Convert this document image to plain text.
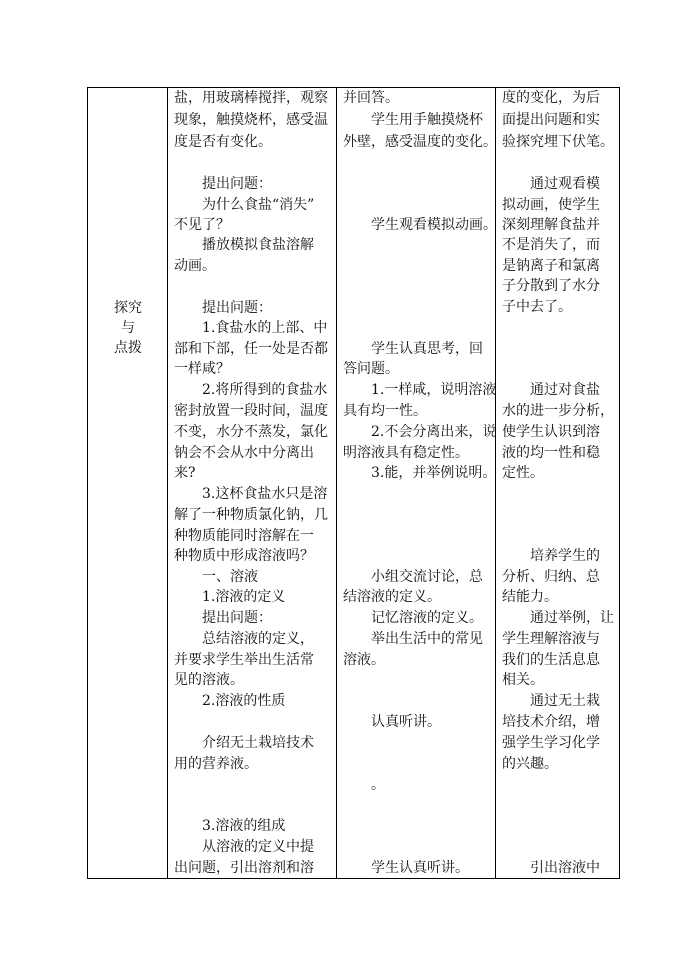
探究
与
点拨
盐，用玻璃棒搅拌，观察
现象，触摸烧杯，感受温
度是否有变化。
提出问题：
为什么食盐“消失”
不见了？
播放模拟食盐溶解
动画。
提出问题：
1.食盐水的上部、中
部和下部，任一处是否都
一样咸？
2.将所得到的食盐水
密封放置一段时间，温度
不变，水分不蒸发，氯化
钠会不会从水中分离出
来?
3.这杯食盐水只是溶
解了一种物质氯化钠，几
种物质能同时溶解在一
种物质中形成溶液吗？
一、溶液
1.溶液的定义
提出问题：
总结溶液的定义，
并要求学生举出生活常
见的溶液。
2.溶液的性质
介绍无土栽培技术
用的营养液。
3.溶液的组成
从溶液的定义中提
出问题，引出溶剂和溶
并回答。
学生用手触摸烧杯
外壁，感受温度的变化。
学生观看模拟动画。
学生认真思考，回
答问题。
1.一样咸，说明溶液
具有均一性。
2.不会分离出来，说
明溶液具有稳定性。
3.能，并举例说明。
小组交流讨论，总
结溶液的定义。
记忆溶液的定义。
举出生活中的常见
溶液。
认真听讲。
。
学生认真听讲。
度的变化，为后
面提出问题和实
验探究埋下伏笔。
通过观看模
拟动画，使学生
深刻理解食盐并
不是消失了，而
是钠离子和氯离
子分散到了水分
子中去了。
通过对食盐
水的进一步分析，
使学生认识到溶
液的均一性和稳
定性。
培养学生的
分析、归纳、总
结能力。
通过举例，让
学生理解溶液与
我们的生活息息
相关。
通过无土栽
培技术介绍，增
强学生学习化学
的兴趣。
引出溶液中
